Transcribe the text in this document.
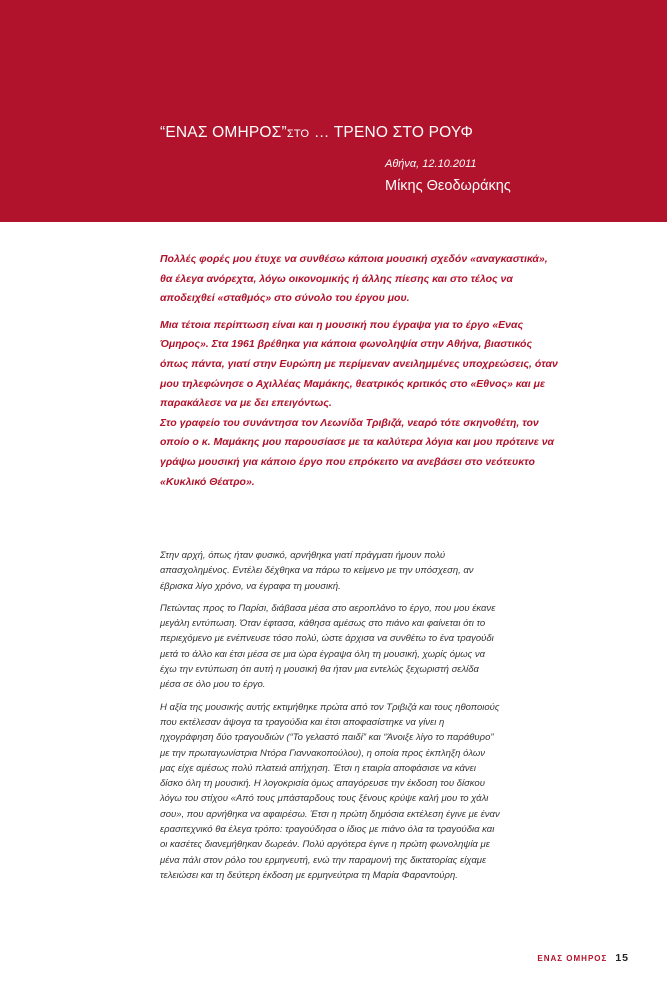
“ΕΝΑΣ ΟΜΗΡΟΣ”ΣΤΟ … ΤΡΕΝΟ ΣΤΟ ΡΟΥΦ
Αθήνα, 12.10.2011
Μίκης Θεοδωράκης

Πολλές φορές μου έτυχε να συνθέσω κάποια μουσική σχεδόν «αναγκαστικά», θα έλεγα ανόρεχτα, λόγω οικονομικής ή άλλης πίεσης και στο τέλος να αποδειχθεί «σταθμός» στο σύνολο του έργου μου.

Μια τέτοια περίπτωση είναι και η μουσική που έγραψα για το έργο «Ενας Όμηρος». Στα 1961 βρέθηκα για κάποια φωνοληψία στην Αθήνα, βιαστικός όπως πάντα, γιατί στην Ευρώπη με περίμεναν ανειλημμένες υποχρεώσεις, όταν μου τηλεφώνησε ο Αχιλλέας Μαμάκης, θεατρικός κριτικός στο «Εθνος» και με παρακάλεσε να με δει επειγόντως.
Στο γραφείο του συνάντησα τον Λεωνίδα Τριβιζά, νεαρό τότε σκηνοθέτη, τον οποίο ο κ. Μαμάκης μου παρουσίασε με τα καλύτερα λόγια και μου πρότεινε να γράψω μουσική για κάποιο έργο που επρόκειτο να ανεβάσει στο νεότευκτο «Κυκλικό Θέατρο».

Στην αρχή, όπως ήταν φυσικό, αρνήθηκα γιατί πράγματι ήμουν πολύ απασχολημένος. Εντέλει δέχθηκα να πάρω το κείμενο με την υπόσχεση, αν έβρισκα λίγο χρόνο, να έγραφα τη μουσική.

Πετώντας προς το Παρίσι, διάβασα μέσα στο αεροπλάνο το έργο, που μου έκανε μεγάλη εντύπωση. Όταν έφτασα, κάθησα αμέσως στο πιάνο και φαίνεται ότι το περιεχόμενο με ενέπνευσε τόσο πολύ, ώστε άρχισα να συνθέτω το ένα τραγούδι μετά το άλλο και έτσι μέσα σε μια ώρα έγραψα όλη τη μουσική, χωρίς όμως να έχω την εντύπωση ότι αυτή η μουσική θα ήταν μια εντελώς ξεχωριστή σελίδα μέσα σε όλο μου το έργο.

Η αξία της μουσικής αυτής εκτιμήθηκε πρώτα από τον Τριβιζά και τους ηθοποιούς που εκτέλεσαν άψογα τα τραγούδια και έτσι αποφασίστηκε να γίνει η ηχογράφηση δύο τραγουδιών (“Το γελαστό παιδί” και “Άνοιξε λίγο το παράθυρο” με την πρωταγωνίστρια Ντόρα Γιαννακοπούλου), η οποία προς έκπληξη όλων μας είχε αμέσως πολύ πλατειά απήχηση. Έτσι η εταιρία αποφάσισε να κάνει δίσκο όλη τη μουσική. Η λογοκρισία όμως απαγόρευσε την έκδοση του δίσκου λόγω του στίχου «Από τους μπάσταρδους τους ξένους κρύψε καλή μου το χάλι σου», που αρνήθηκα να αφαιρέσω. Έτσι η πρώτη δημόσια εκτέλεση έγινε με έναν ερασιτεχνικό θα έλεγα τρόπο: τραγούδησα ο ίδιος με πιάνο όλα τα τραγούδια και οι κασέτες διανεμήθηκαν δωρεάν. Πολύ αργότερα έγινε η πρώτη φωνοληψία με μένα πάλι στον ρόλο του ερμηνευτή, ενώ την παραμονή της δικτατορίας είχαμε τελειώσει και τη δεύτερη έκδοση με ερμηνεύτρια τη Μαρία Φαραντούρη.

ΕΝΑΣ ΟΜΗΡΟΣ 15
